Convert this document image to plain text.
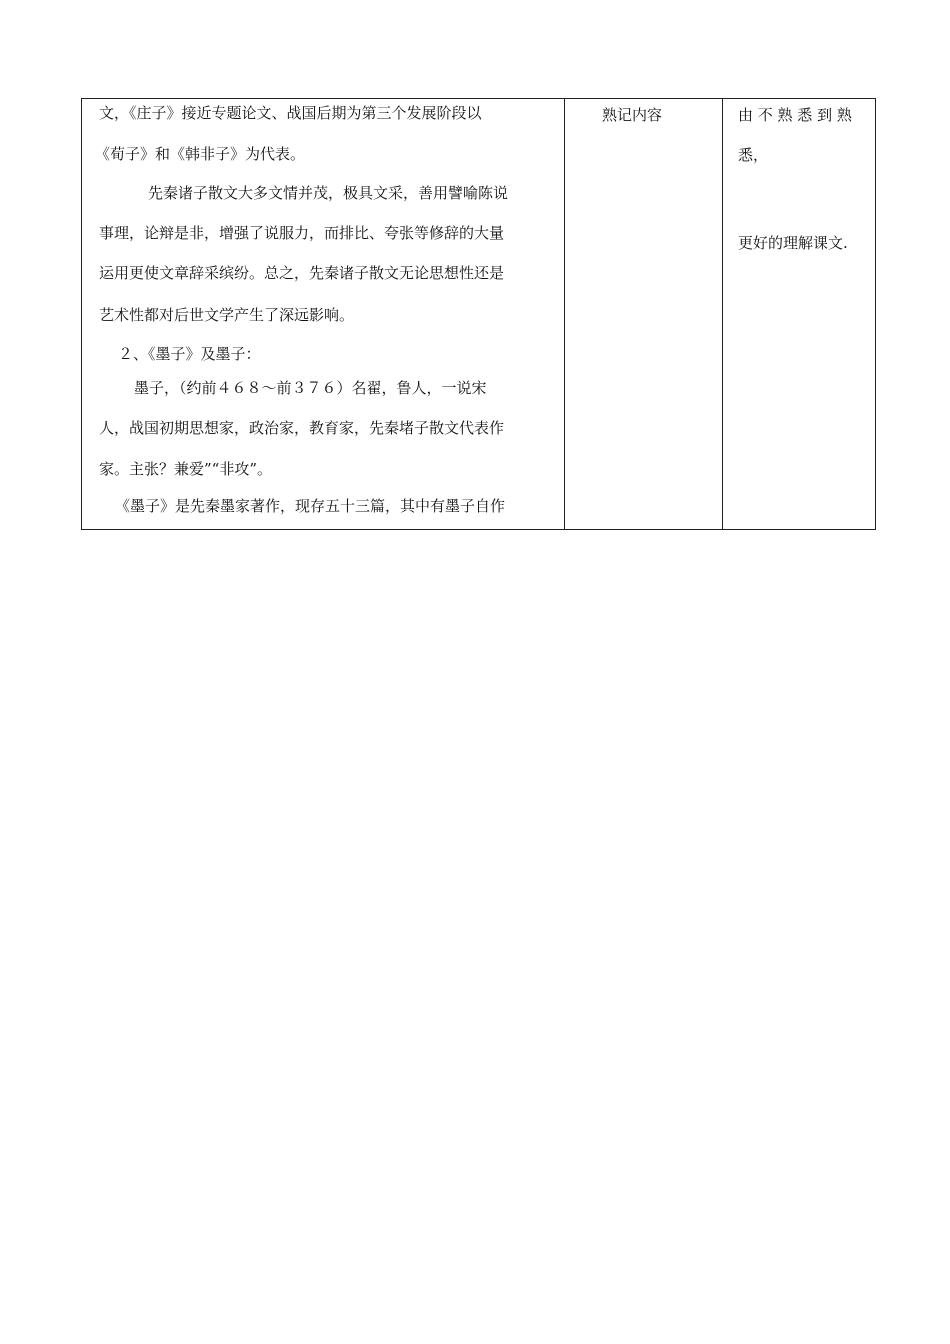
文，《庄子》接近专题论文、战国后期为第三个发展阶段以
《荀子》和《韩非子》为代表。
先秦诸子散文大多文情并茂，极具文采，善用譬喻陈说
事理，论辩是非，增强了说服力，而排比、夸张等修辞的大量
运用更使文章辞采缤纷。总之，先秦诸子散文无论思想性还是
艺术性都对后世文学产生了深远影响。
２、《墨子》及墨子：
墨子，（约前４６８～前３７６）名翟，鲁人，一说宋
人，战国初期思想家，政治家，教育家，先秦堵子散文代表作
家。主张？兼爱”“非攻”。
《墨子》是先秦墨家著作，现存五十三篇，其中有墨子自作
熟记内容	由 不 熟 悉 到 熟
悉，
更好的理解课文.
